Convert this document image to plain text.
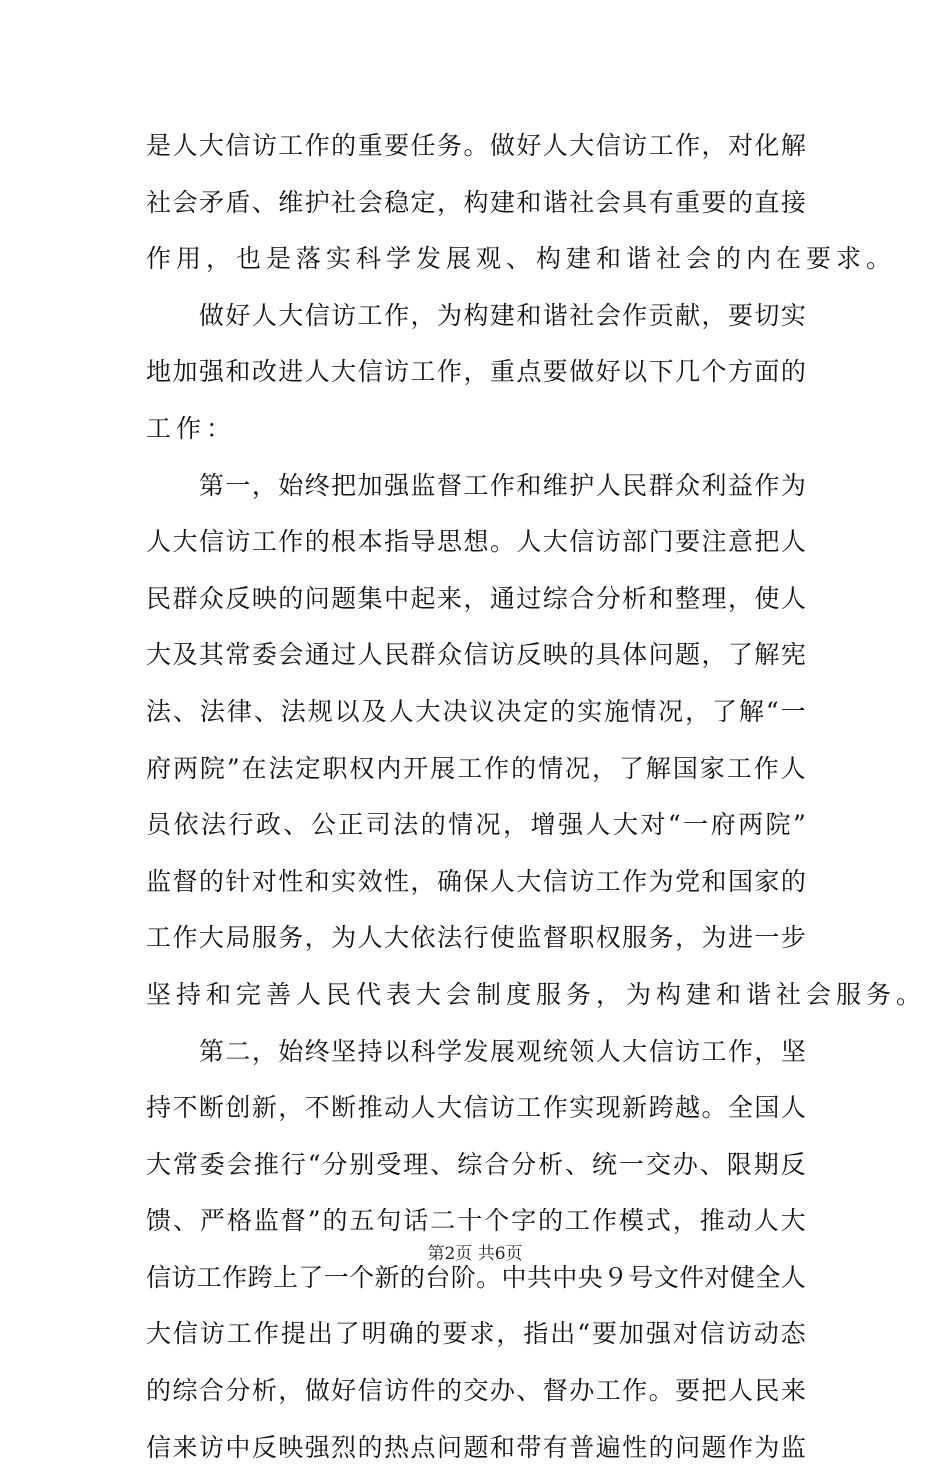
是 人 大 信 访 工 作 的 重 要 任 务 。 做 好 人 大 信 访 工 作 ， 对 化 解
社 会 矛 盾 、 维 护 社 会 稳 定 ， 构 建 和 谐 社 会 具 有 重 要 的 直 接
作用，也是落实科学发展观、构建和谐社会的内在要求。

做 好 人 大 信 访 工 作 ， 为 构 建 和 谐 社 会 作 贡 献 ， 要 切 实
地 加 强 和 改 进 人 大 信 访 工 作 ， 重 点 要 做 好 以 下 几 个 方 面 的
工作：

第 一 ， 始 终 把 加 强 监 督 工 作 和 维 护 人 民 群 众 利 益 作 为
人 大 信 访 工 作 的 根 本 指 导 思 想 。 人 大 信 访 部 门 要 注 意 把 人
民 群 众 反 映 的 问 题 集 中 起 来 ， 通 过 综 合 分 析 和 整 理 ， 使 人
大 及 其 常 委 会 通 过 人 民 群 众 信 访 反 映 的 具 体 问 题 ， 了 解 宪
法 、 法 律 、 法 规 以 及 人 大 决 议 决 定 的 实 施 情 况 ， 了 解 “ 一
府 两 院 ” 在 法 定 职 权 内 开 展 工 作 的 情 况 ， 了 解 国 家 工 作 人
员 依 法 行 政 、 公 正 司 法 的 情 况 ， 增 强 人 大 对 “ 一 府 两 院 ”
监 督 的 针 对 性 和 实 效 性 ， 确 保 人 大 信 访 工 作 为 党 和 国 家 的
工 作 大 局 服 务 ， 为 人 大 依 法 行 使 监 督 职 权 服 务 ， 为 进 一 步
坚持和完善人民代表大会制度服务，为构建和谐社会服务。

第 二 ， 始 终 坚 持 以 科 学 发 展 观 统 领 人 大 信 访 工 作 ， 坚
持 不 断 创 新 ， 不 断 推 动 人 大 信 访 工 作 实 现 新 跨 越 。 全 国 人
大 常 委 会 推 行 “ 分 别 受 理 、 综 合 分 析 、 统 一 交 办 、 限 期 反
馈 、 严 格 监 督 ” 的 五 句 话 二 十 个 字 的 工 作 模 式 ， 推 动 人 大
信 访 工 作 跨 上 了 一 个 新 的 台 阶 。 中 共 中 央 ９ 号 文 件 对 健 全 人
大 信 访 工 作 提 出 了 明 确 的 要 求 ， 指 出 “ 要 加 强 对 信 访 动 态
的 综 合 分 析 ， 做 好 信 访 件 的 交 办 、 督 办 工 作 。 要 把 人 民 来
信 来 访 中 反 映 强 烈 的 热 点 问 题 和 带 有 普 遍 性 的 问 题 作 为 监
第2页 共6页
